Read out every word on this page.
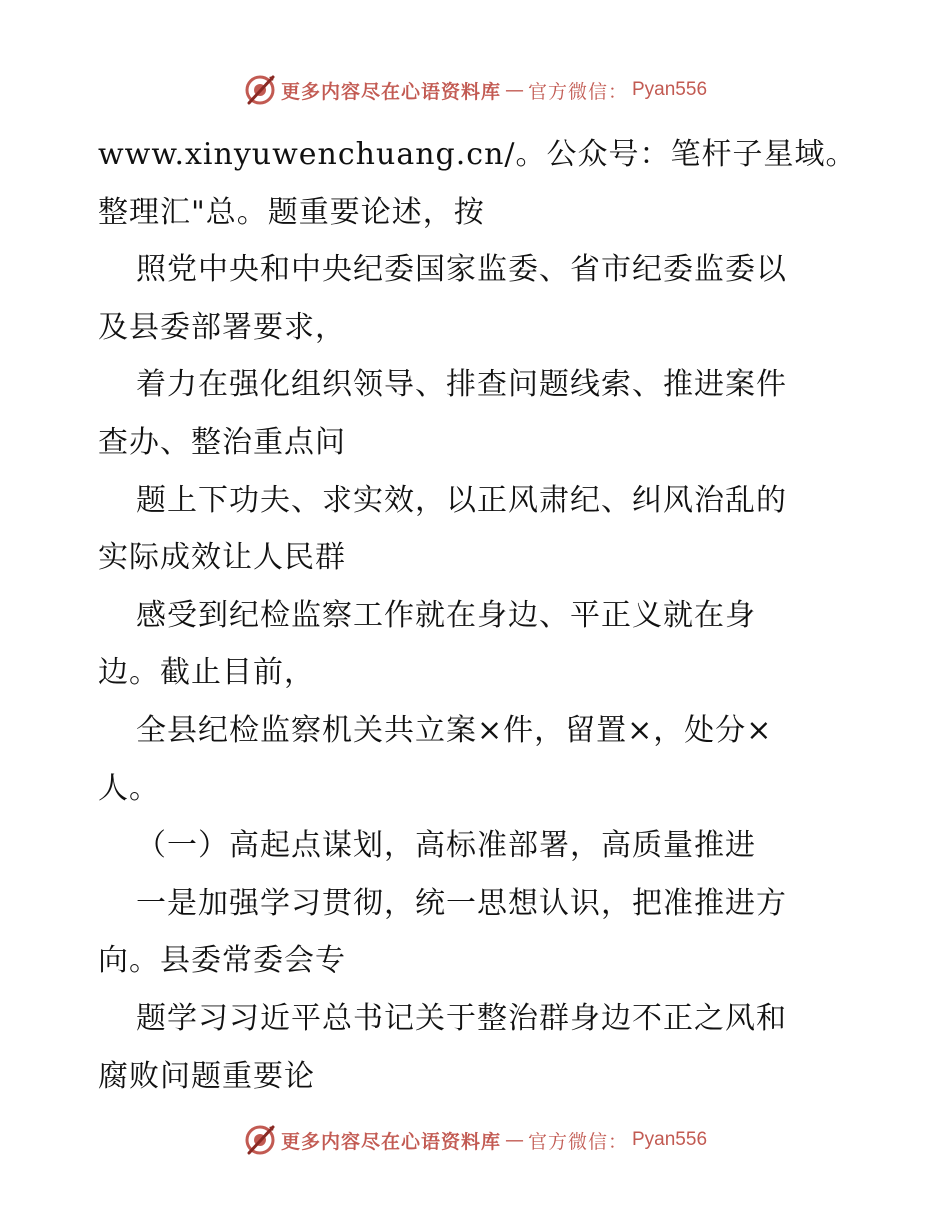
更多内容尽在心语资料库 — 官方微信： Pyan556
www.xinyuwenchuang.cn/。公众号：笔杆子星域。
整理汇"总。题重要论述，按
照党中央和中央纪委国家监委、省市纪委监委以
及县委部署要求，
着力在强化组织领导、排查问题线索、推进案件
查办、整治重点问
题上下功夫、求实效，以正风肃纪、纠风治乱的
实际成效让人民群
感受到纪检监察工作就在身边、平正义就在身
边。截止目前，
全县纪检监察机关共立案×件，留置×，处分×
人。
（一）高起点谋划，高标准部署，高质量推进
一是加强学习贯彻，统一思想认识，把准推进方
向。县委常委会专
题学习习近平总书记关于整治群身边不正之风和
腐败问题重要论
更多内容尽在心语资料库 — 官方微信： Pyan556
